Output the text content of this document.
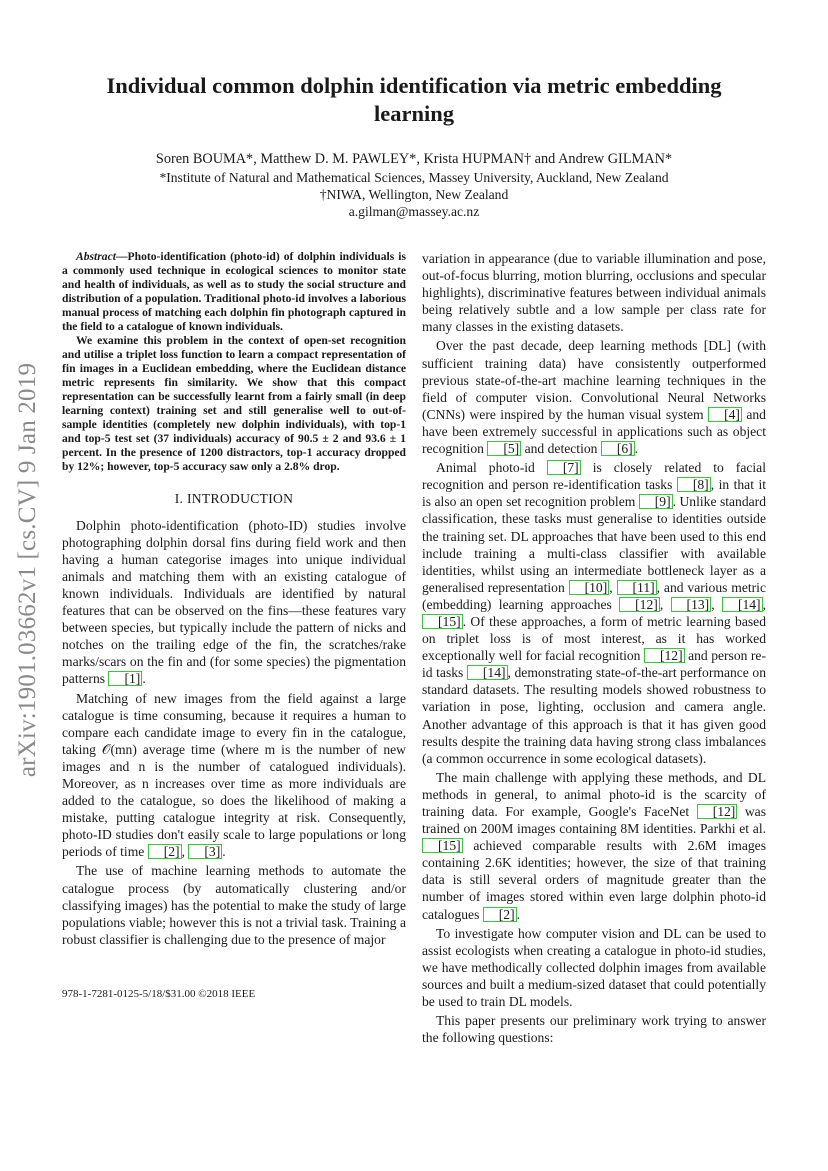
arXiv:1901.03662v1 [cs.CV] 9 Jan 2019
Individual common dolphin identification via metric embedding learning
Soren BOUMA*, Matthew D. M. PAWLEY*, Krista HUPMAN† and Andrew GILMAN*
*Institute of Natural and Mathematical Sciences, Massey University, Auckland, New Zealand
†NIWA, Wellington, New Zealand
a.gilman@massey.ac.nz

Abstract—Photo-identification (photo-id) of dolphin individuals is a commonly used technique in ecological sciences to monitor state and health of individuals, as well as to study the social structure and distribution of a population. Traditional photo-id involves a laborious manual process of matching each dolphin fin photograph captured in the field to a catalogue of known individuals.

We examine this problem in the context of open-set recognition and utilise a triplet loss function to learn a compact representation of fin images in a Euclidean embedding, where the Euclidean distance metric represents fin similarity. We show that this compact representation can be successfully learnt from a fairly small (in deep learning context) training set and still generalise well to out-of-sample identities (completely new dolphin individuals), with top-1 and top-5 test set (37 individuals) accuracy of 90.5 ± 2 and 93.6 ± 1 percent. In the presence of 1200 distractors, top-1 accuracy dropped by 12%; however, top-5 accuracy saw only a 2.8% drop.

I. INTRODUCTION

Dolphin photo-identification (photo-ID) studies involve photographing dolphin dorsal fins during field work and then having a human categorise images into unique individual animals and matching them with an existing catalogue of known individuals. Individuals are identified by natural features that can be observed on the fins—these features vary between species, but typically include the pattern of nicks and notches on the trailing edge of the fin, the scratches/rake marks/scars on the fin and (for some species) the pigmentation patterns [1] .

Matching of new images from the field against a large catalogue is time consuming, because it requires a human to compare each candidate image to every fin in the catalogue, taking 𝒪(mn) average time (where m is the number of new images and n is the number of catalogued individuals). Moreover, as n increases over time as more individuals are added to the catalogue, so does the likelihood of making a mistake, putting catalogue integrity at risk. Consequently, photo-ID studies don't easily scale to large populations or long periods of time [2] , [3] .

The use of machine learning methods to automate the catalogue process (by automatically clustering and/or classifying images) has the potential to make the study of large populations viable; however this is not a trivial task. Training a robust classifier is challenging due to the presence of major

variation in appearance (due to variable illumination and pose, out-of-focus blurring, motion blurring, occlusions and specular highlights), discriminative features between individual animals being relatively subtle and a low sample per class rate for many classes in the existing datasets.

Over the past decade, deep learning methods [DL] (with sufficient training data) have consistently outperformed previous state-of-the-art machine learning techniques in the field of computer vision. Convolutional Neural Networks (CNNs) were inspired by the human visual system [4] and have been extremely successful in applications such as object recognition [5] and detection [6] .

Animal photo-id [7] is closely related to facial recognition and person re-identification tasks [8] , in that it is also an open set recognition problem [9] . Unlike standard classification, these tasks must generalise to identities outside the training set. DL approaches that have been used to this end include training a multi-class classifier with available identities, whilst using an intermediate bottleneck layer as a generalised representation [10] , [11] , and various metric (embedding) learning approaches [12] , [13] , [14] , [15] . Of these approaches, a form of metric learning based on triplet loss is of most interest, as it has worked exceptionally well for facial recognition [12] and person re-id tasks [14] , demonstrating state-of-the-art performance on standard datasets. The resulting models showed robustness to variation in pose, lighting, occlusion and camera angle. Another advantage of this approach is that it has given good results despite the training data having strong class imbalances (a common occurrence in some ecological datasets).

The main challenge with applying these methods, and DL methods in general, to animal photo-id is the scarcity of training data. For example, Google's FaceNet [12] was trained on 200M images containing 8M identities. Parkhi et al. [15] achieved comparable results with 2.6M images containing 2.6K identities; however, the size of that training data is still several orders of magnitude greater than the number of images stored within even large dolphin photo-id catalogues [2] .

To investigate how computer vision and DL can be used to assist ecologists when creating a catalogue in photo-id studies, we have methodically collected dolphin images from available sources and built a medium-sized dataset that could potentially be used to train DL models.

This paper presents our preliminary work trying to answer the following questions:

978-1-7281-0125-5/18/$31.00 ©2018 IEEE
